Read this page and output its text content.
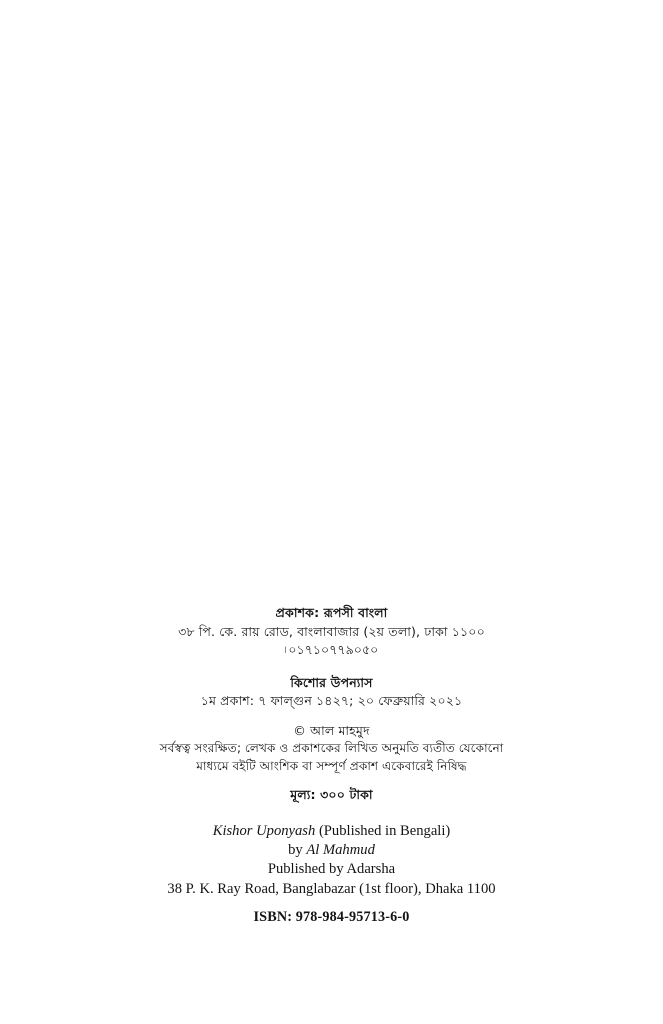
প্রকাশক: রূপসী বাংলা
৩৮ পি. কে. রায় রোড, বাংলাবাজার (২য় তলা), ঢাকা ১১০০
৷ ০১৭১০৭৭৯০৫০
কিশোর উপন্যাস
১ম প্রকাশ: ৭ ফাল্গুন ১৪২৭; ২০ ফেব্রুয়ারি ২০২১
© আল মাহমুদ
সর্বস্বত্ব সংরক্ষিত; লেখক ও প্রকাশকের লিখিত অনুমতি ব্যতীত যেকোনো
মাধ্যমে বইটি আংশিক বা সম্পূর্ণ প্রকাশ একেবারেই নিষিদ্ধ
মূল্য: ৩০০ টাকা
Kishor Uponyash (Published in Bengali)
by Al Mahmud
Published by Adarsha
38 P. K. Ray Road, Banglabazar (1st floor), Dhaka 1100
ISBN: 978-984-95713-6-0
